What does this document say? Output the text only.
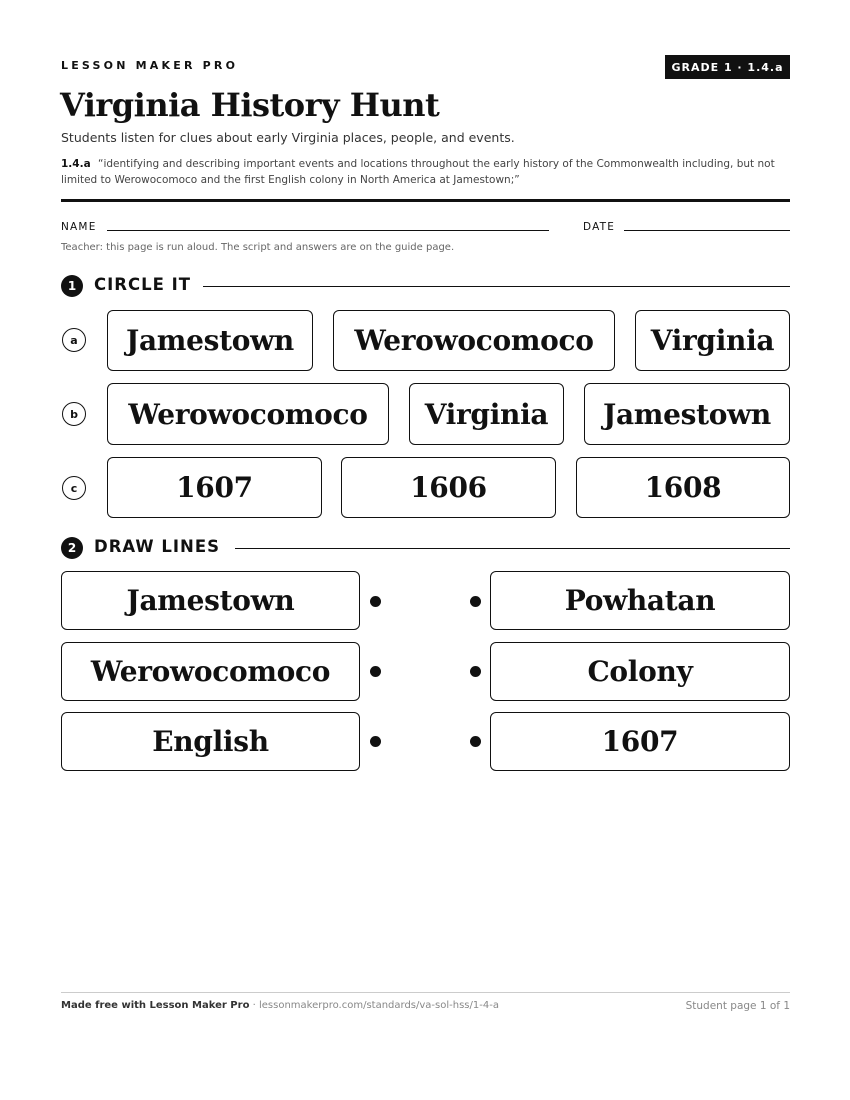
LESSON MAKER PRO	GRADE 1 · 1.4.a
Virginia History Hunt
Students listen for clues about early Virginia places, people, and events.
1.4.a “identifying and describing important events and locations throughout the early history of the Commonwealth including, but not limited to Werowocomoco and the first English colony in North America at Jamestown;”
NAME	DATE
Teacher: this page is run aloud. The script and answers are on the guide page.
1	CIRCLE IT
a	Jamestown	Werowocomoco	Virginia
b	Werowocomoco	Virginia	Jamestown
c	1607	1606	1608
2	DRAW LINES
Jamestown	Powhatan
Werowocomoco	Colony
English	1607
Made free with Lesson Maker Pro · lessonmakerpro.com/standards/va-sol-hss/1-4-a	Student page 1 of 1
